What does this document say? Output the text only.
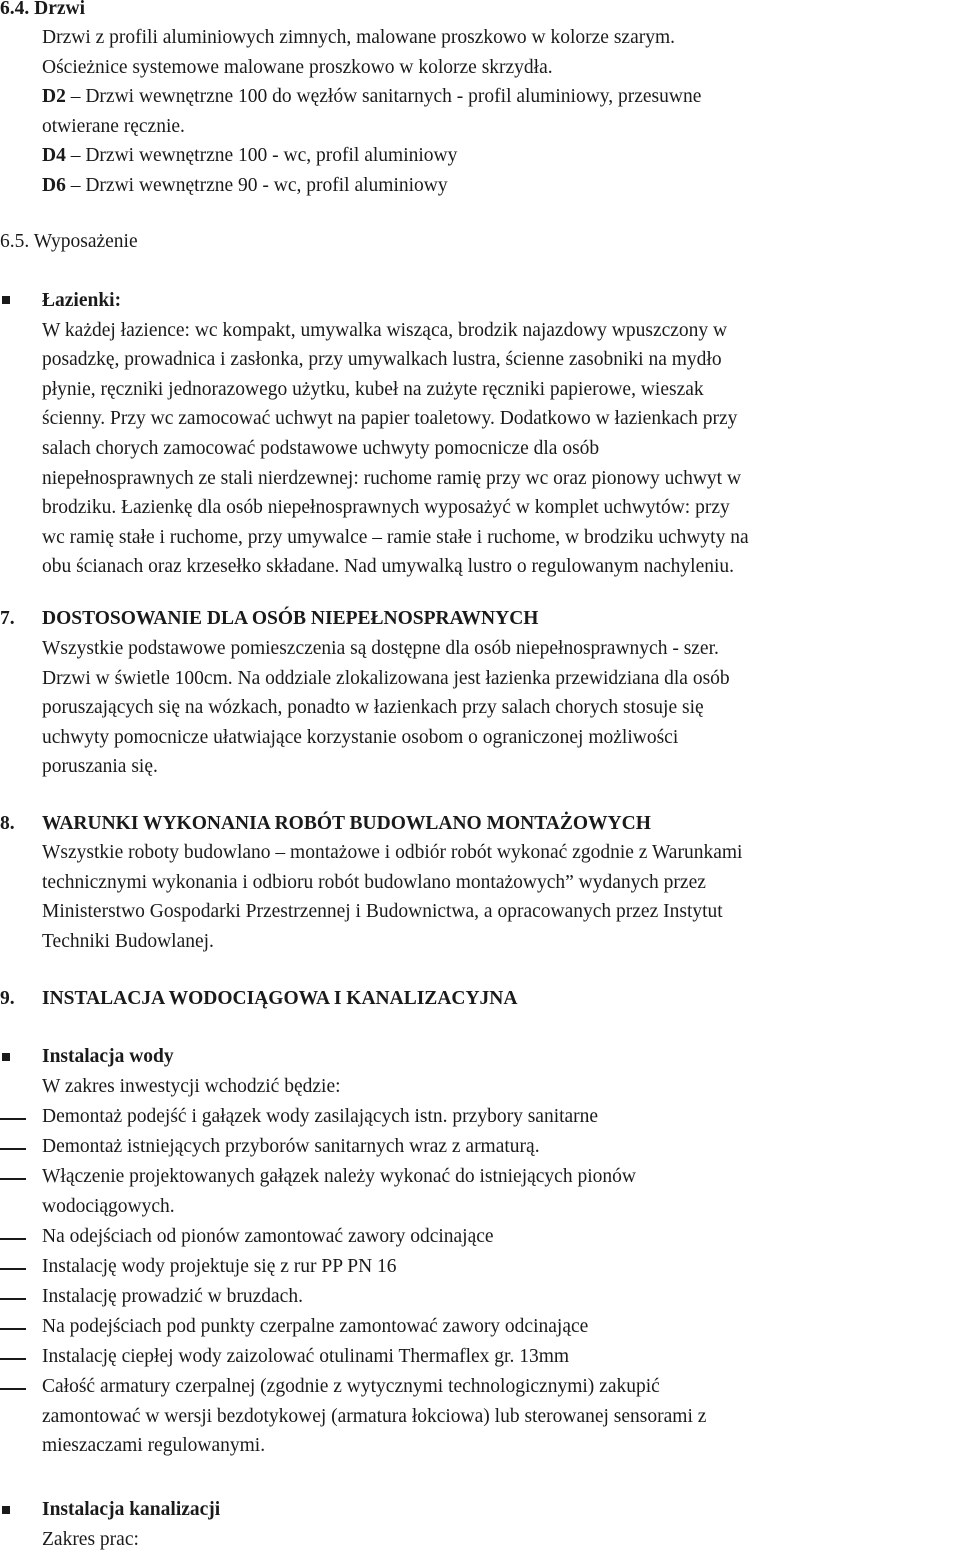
6.4. Drzwi
Drzwi z profili aluminiowych zimnych, malowane proszkowo w kolorze szarym.
Ościeżnice systemowe malowane proszkowo w kolorze skrzydła.
D2 – Drzwi wewnętrzne 100 do węzłów sanitarnych - profil aluminiowy, przesuwne
otwierane ręcznie.
D4 – Drzwi wewnętrzne 100 - wc, profil aluminiowy
D6 – Drzwi wewnętrzne 90 - wc, profil aluminiowy
6.5. Wyposażenie
Łazienki:
W każdej łazience: wc kompakt, umywalka wisząca, brodzik najazdowy wpuszczony w
posadzkę, prowadnica i zasłonka, przy umywalkach lustra, ścienne zasobniki na mydło
płynie, ręczniki jednorazowego użytku, kubeł na zużyte ręczniki papierowe, wieszak
ścienny. Przy wc zamocować uchwyt na papier toaletowy. Dodatkowo w łazienkach przy
salach chorych zamocować podstawowe uchwyty pomocnicze dla osób
niepełnosprawnych ze stali nierdzewnej: ruchome ramię przy wc oraz pionowy uchwyt w
brodziku. Łazienkę dla osób niepełnosprawnych wyposażyć w komplet uchwytów: przy
wc ramię stałe i ruchome, przy umywalce – ramie stałe i ruchome, w brodziku uchwyty na
obu ścianach oraz krzesełko składane. Nad umywalką lustro o regulowanym nachyleniu.
7. DOSTOSOWANIE DLA OSÓB NIEPEŁNOSPRAWNYCH
Wszystkie podstawowe pomieszczenia są dostępne dla osób niepełnosprawnych - szer.
Drzwi w świetle 100cm. Na oddziale zlokalizowana jest łazienka przewidziana dla osób
poruszających się na wózkach, ponadto w łazienkach przy salach chorych stosuje się
uchwyty pomocnicze ułatwiające korzystanie osobom o ograniczonej możliwości
poruszania się.
8. WARUNKI WYKONANIA ROBÓT BUDOWLANO MONTAŻOWYCH
Wszystkie roboty budowlano – montażowe i odbiór robót wykonać zgodnie z Warunkami
technicznymi wykonania i odbioru robót budowlano montażowych” wydanych przez
Ministerstwo Gospodarki Przestrzennej i Budownictwa, a opracowanych przez Instytut
Techniki Budowlanej.
9. INSTALACJA WODOCIĄGOWA I KANALIZACYJNA
Instalacja wody
W zakres inwestycji wchodzić będzie:
Demontaż podejść i gałązek wody zasilających istn. przybory sanitarne
Demontaż istniejących przyborów sanitarnych wraz z armaturą.
Włączenie projektowanych gałązek należy wykonać do istniejących pionów
wodociągowych.
Na odejściach od pionów zamontować zawory odcinające
Instalację wody projektuje się z rur PP PN 16
Instalację prowadzić w bruzdach.
Na podejściach pod punkty czerpalne zamontować zawory odcinające
Instalację ciepłej wody zaizolować otulinami Thermaflex gr. 13mm
Całość armatury czerpalnej (zgodnie z wytycznymi technologicznymi) zakupić
zamontować w wersji bezdotykowej (armatura łokciowa) lub sterowanej sensorami z
mieszaczami regulowanymi.
Instalacja kanalizacji
Zakres prac:
